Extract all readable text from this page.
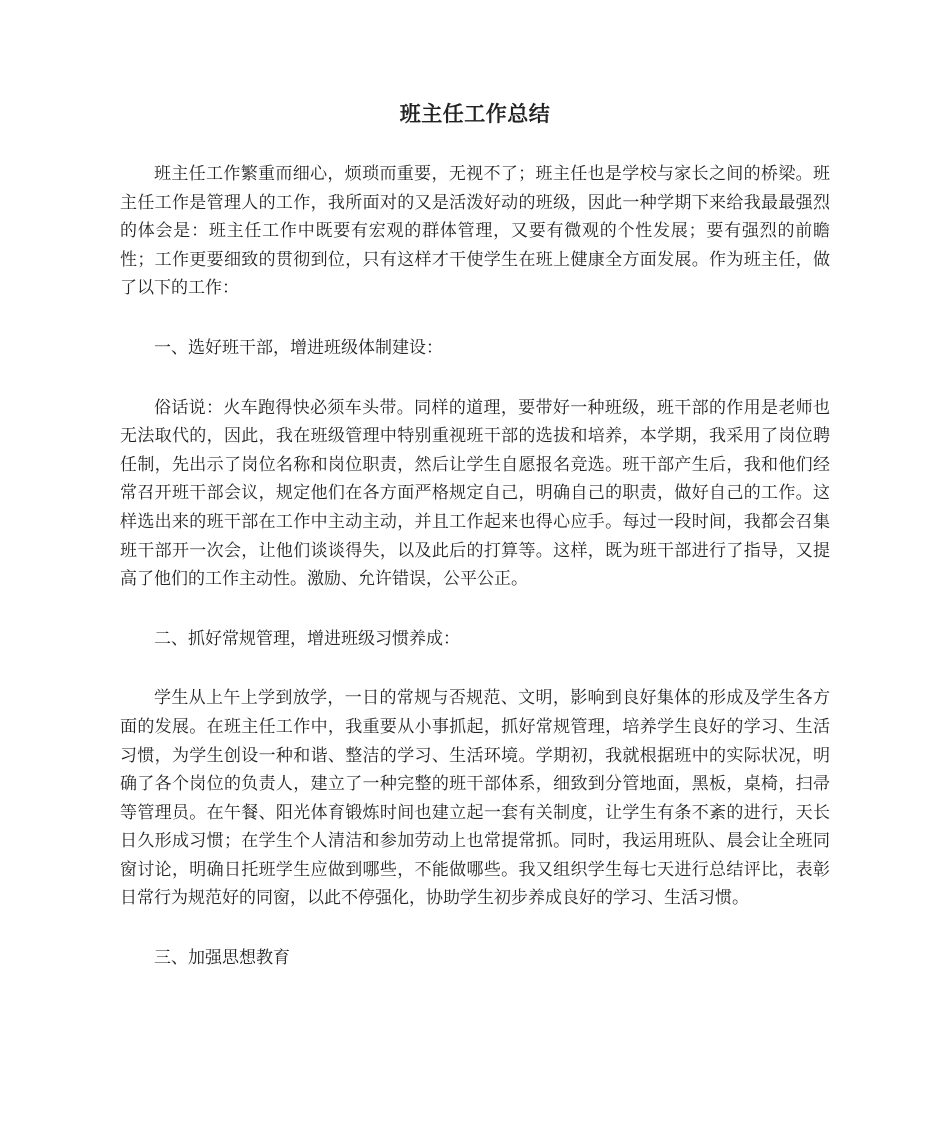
班主任工作总结

班主任工作繁重而细心，烦琐而重要，无视不了；班主任也是学校与家长之间的桥梁。班主任工作是管理人的工作，我所面对的又是活泼好动的班级，因此一种学期下来给我最最强烈的体会是：班主任工作中既要有宏观的群体管理，又要有微观的个性发展；要有强烈的前瞻性；工作更要细致的贯彻到位，只有这样才干使学生在班上健康全方面发展。作为班主任，做了以下的工作：

一、选好班干部，增进班级体制建设：

俗话说：火车跑得快必须车头带。同样的道理，要带好一种班级，班干部的作用是老师也无法取代的，因此，我在班级管理中特别重视班干部的选拔和培养，本学期，我采用了岗位聘任制，先出示了岗位名称和岗位职责，然后让学生自愿报名竞选。班干部产生后，我和他们经常召开班干部会议，规定他们在各方面严格规定自己，明确自己的职责，做好自己的工作。这样选出来的班干部在工作中主动主动，并且工作起来也得心应手。每过一段时间，我都会召集班干部开一次会，让他们谈谈得失，以及此后的打算等。这样，既为班干部进行了指导，又提高了他们的工作主动性。激励、允许错误，公平公正。

二、抓好常规管理，增进班级习惯养成：

学生从上午上学到放学，一日的常规与否规范、文明，影响到良好集体的形成及学生各方面的发展。在班主任工作中，我重要从小事抓起，抓好常规管理，培养学生良好的学习、生活习惯，为学生创设一种和谐、整洁的学习、生活环境。学期初，我就根据班中的实际状况，明确了各个岗位的负责人，建立了一种完整的班干部体系，细致到分管地面，黑板，桌椅，扫帚等管理员。在午餐、阳光体育锻炼时间也建立起一套有关制度，让学生有条不紊的进行，天长日久形成习惯；在学生个人清洁和参加劳动上也常提常抓。同时，我运用班队、晨会让全班同窗讨论，明确日托班学生应做到哪些，不能做哪些。我又组织学生每七天进行总结评比，表彰日常行为规范好的同窗，以此不停强化，协助学生初步养成良好的学习、生活习惯。

三、加强思想教育
